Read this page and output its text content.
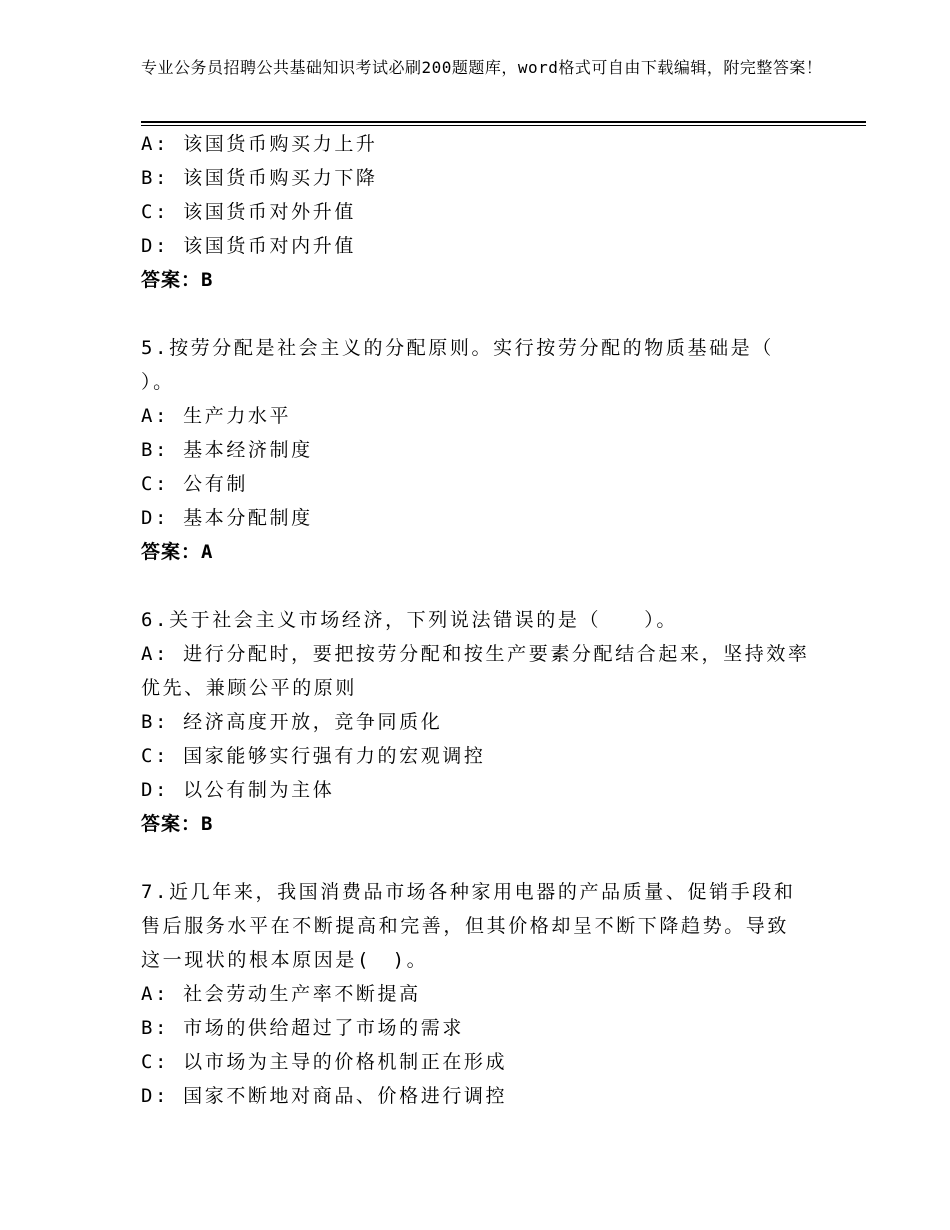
专业公务员招聘公共基础知识考试必刷200题题库，word格式可自由下载编辑，附完整答案！
A: 该国货币购买力上升
B: 该国货币购买力下降
C: 该国货币对外升值
D: 该国货币对内升值
答案：B
5.按劳分配是社会主义的分配原则。实行按劳分配的物质基础是（
）。
A: 生产力水平
B: 基本经济制度
C: 公有制
D: 基本分配制度
答案：A
6.关于社会主义市场经济，下列说法错误的是（　　）。
A: 进行分配时，要把按劳分配和按生产要素分配结合起来，坚持效率
优先、兼顾公平的原则
B: 经济高度开放，竞争同质化
C: 国家能够实行强有力的宏观调控
D: 以公有制为主体
答案：B
7.近几年来，我国消费品市场各种家用电器的产品质量、促销手段和
售后服务水平在不断提高和完善，但其价格却呈不断下降趋势。导致
这一现状的根本原因是(　)。
A: 社会劳动生产率不断提高
B: 市场的供给超过了市场的需求
C: 以市场为主导的价格机制正在形成
D: 国家不断地对商品、价格进行调控
